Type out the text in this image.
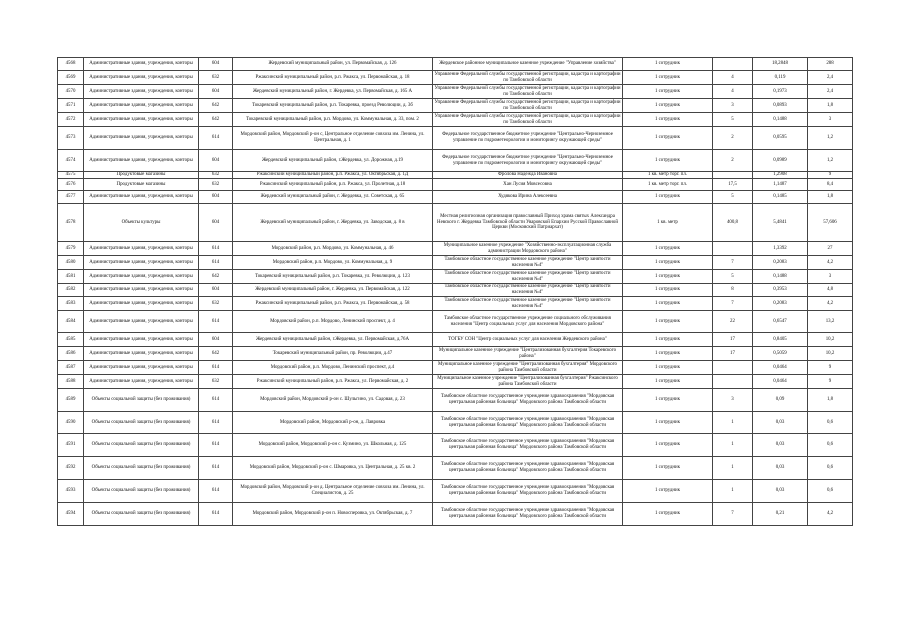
4568	Административные здания, учреждения, конторы	604	Жердевский муниципальный район, ул. Первомайская, д. 126	Жердевское районное муниципальное казенное учреждение "Управление хозяйства"	1 сотрудник		18,2848	288
4569	Административные здания, учреждения, конторы	632	Ржаксинский муниципальный район, р.п. Ржакса, ул. Первомайская, д. 18	Управление Федеральной службы государственной регистрации, кадастра и картографии по Тамбовской области	1 сотрудник	4	0,119	2,4
4570	Административные здания, учреждения, конторы	604	Жердевский муниципальный район, г. Жердевка, ул. Первомайская, д. 165 А	Управление Федеральной службы государственной регистрации, кадастра и картографии по Тамбовской области	1 сотрудник	4	0,1973	2,4
4571	Административные здания, учреждения, конторы	642	Токаревский муниципальный район, р.п. Токаревка, проезд Революции, д. 3б	Управление Федеральной службы государственной регистрации, кадастра и картографии по Тамбовской области	1 сотрудник	3	0,0893	1,8
4572	Административные здания, учреждения, конторы	642	Токаревский муниципальный район, р.п. Мордово, ул. Коммунальная, д. 33, пом. 2	Управление Федеральной службы государственной регистрации, кадастра и картографии по Тамбовской области	1 сотрудник	5	0,1488	3
4573	Административные здания, учреждения, конторы	614	Мордовский район, Мордовский р-он с, Центральное отделение совхоза им. Ленина, ул. Центральная, д. 1	Федеральное государственное бюджетное учреждение "Центрально-Черноземное управление по гидрометеорологии и мониторингу окружающей среды"	1 сотрудник	2	0,0595	1,2
4574	Административные здания, учреждения, конторы	604	Жердевский муниципальный район, г.Жердевка, ул. Дорожная, д.19	Федеральное государственное бюджетное учреждение "Центрально-Черноземное управление по гидрометеорологии и мониторингу окружающей среды"	1 сотрудник	2	0,0989	1,2
4575	Продуктовые магазины	632	Ржаксинский муниципальный район, р.п. Ржакса, ул. Октябрьская, д. 1Д	Фролова Надежда Ивановна	1 кв. метр торг. пл.		1,2908	9
4576	Продуктовые магазины	632	Ржаксинский муниципальный район, р.п. Ржакса, ул. Пролетная, д.18	Хан Лусия Мовсесовна	1 кв. метр торг. пл.	17,5	1,1487	8,4
4577	Административные здания, учреждения, конторы	604	Жердевский муниципальный район, г. Жердевка, ул. Советская, д. 65	Худякова Ирина Алексеевна	1 сотрудник	5	0,1485	1,8
4578	Объекты культуры	604	Жердевский муниципальный район, г. Жердевка, ул. Заводская, д. 8 в	Местная религиозная организация православный Приход храма святых Александра Невского г. Жердевка Тамбовской области Уваровской Епархии Русской Православной Церкви (Московский Патриархат)	1 кв. метр	400,8	5,4841	57,606
4579	Административные здания, учреждения, конторы	614	Мордовский район, р.п. Мордово, ул. Коммунальная, д. 46	Муниципальное казенное учреждение "Хозяйственно-эксплуатационная служба администрации Мордовского района"	1 сотрудник		1,3392	27
4580	Административные здания, учреждения, конторы	614	Мордовский район, р.п. Мордово, ул. Коммунальная, д. 9	Тамбовское областное государственное казенное учреждение "Центр занятости населения №4"	1 сотрудник	7	0,2083	4,2
4581	Административные здания, учреждения, конторы	642	Токаревский муниципальный район, р.п. Токаревка, ул. Революции, д. 123	Тамбовское областное государственное казенное учреждение "Центр занятости населения №4"	1 сотрудник	5	0,1488	3
4582	Административные здания, учреждения, конторы	604	Жердевский муниципальный район, г. Жердевка, ул. Первомайская, д. 122	Тамбовское областное государственное казенное учреждение "Центр занятости населения №4"	1 сотрудник	8	0,3953	4,8
4583	Административные здания, учреждения, конторы	632	Ржаксинский муниципальный район, р.п. Ржакса, ул. Первомайская, д. 58	Тамбовское областное государственное казенное учреждение "Центр занятости населения №4"	1 сотрудник	7	0,2083	4,2
4584	Административные здания, учреждения, конторы	614	Мордовский район, р.п. Мордово, Ленинский проспект, д. 4	Тамбовское областное государственное учреждение социального обслуживания населения "Центр социальных услуг для населения Мордовского района"	1 сотрудник	22	0,6547	13,2
4585	Административные здания, учреждения, конторы	604	Жердевский муниципальный район, г.Жердевка, ул. Первомайская, д.76А	ТОГБУ СОН "Центр социальных услуг для населения Жердевского района"	1 сотрудник	17	0,8405	10,2
4586	Административные здания, учреждения, конторы	642	Токаревский муниципальный район, пр. Революции, д.47	Муниципальное казенное учреждение "Централизованная бухгалтерия Токаревского района"	1 сотрудник	17	0,5059	10,2
4587	Административные здания, учреждения, конторы	614	Мордовский район, р.п. Мордово, Ленинский проспект, д.4	Муниципальное казенное учреждение "Централизованная бухгалтерия" Мордовского района Тамбовской области	1 сотрудник		0,0464	9
4588	Административные здания, учреждения, конторы	632	Ржаксинский муниципальный район, р.п. Ржакса, ул. Первомайская, д. 2	Муниципальное казенное учреждение "Централизованная бухгалтерия" Ржаксинского района Тамбовской области	1 сотрудник		0,0464	9
4589	Объекты социальной защиты (без проживания)	614	Мордовский район, Мордовский р-он с. Шульгино, ул. Садовая, д. 23	Тамбовское областное государственное учреждение здравоохранения "Мордовская центральная районная больница" Мордовского района Тамбовской области	1 сотрудник	3	0,09	1,8
4590	Объекты социальной защиты (без проживания)	614	Мордовский район, Мордовский р-он, д. Лавровка	Тамбовское областное государственное учреждение здравоохранения "Мордовская центральная районная больница" Мордовского района Тамбовской области	1 сотрудник	1	0,03	0,6
4591	Объекты социальной защиты (без проживания)	614	Мордовский район, Мордовский р-он с. Кузмино, ул. Школьная, д. 125	Тамбовское областное государственное учреждение здравоохранения "Мордовская центральная районная больница" Мордовского района Тамбовской области	1 сотрудник	1	0,03	0,6
4592	Объекты социальной защиты (без проживания)	614	Мордовский район, Мордовский р-он с. Шмаровка, ул. Центральная, д. 25 кв. 2	Тамбовское областное государственное учреждение здравоохранения "Мордовская центральная районная больница" Мордовского района Тамбовской области	1 сотрудник	1	0,03	0,6
4593	Объекты социальной защиты (без проживания)	614	Мордовский район, Мордовский р-он д. Центральное отделение совхоза им. Ленина, ул. Специалистов, д. 25	Тамбовское областное государственное учреждение здравоохранения "Мордовская центральная районная больница" Мордовского района Тамбовской области	1 сотрудник	1	0,03	0,6
4594	Объекты социальной защиты (без проживания)	614	Мордовский район, Мордовский р-он п. Новосперовка, ул. Октябрьская, д. 7	Тамбовское областное государственное учреждение здравоохранения "Мордовская центральная районная больница" Мордовского района Тамбовской области	1 сотрудник	7	0,21	4,2
